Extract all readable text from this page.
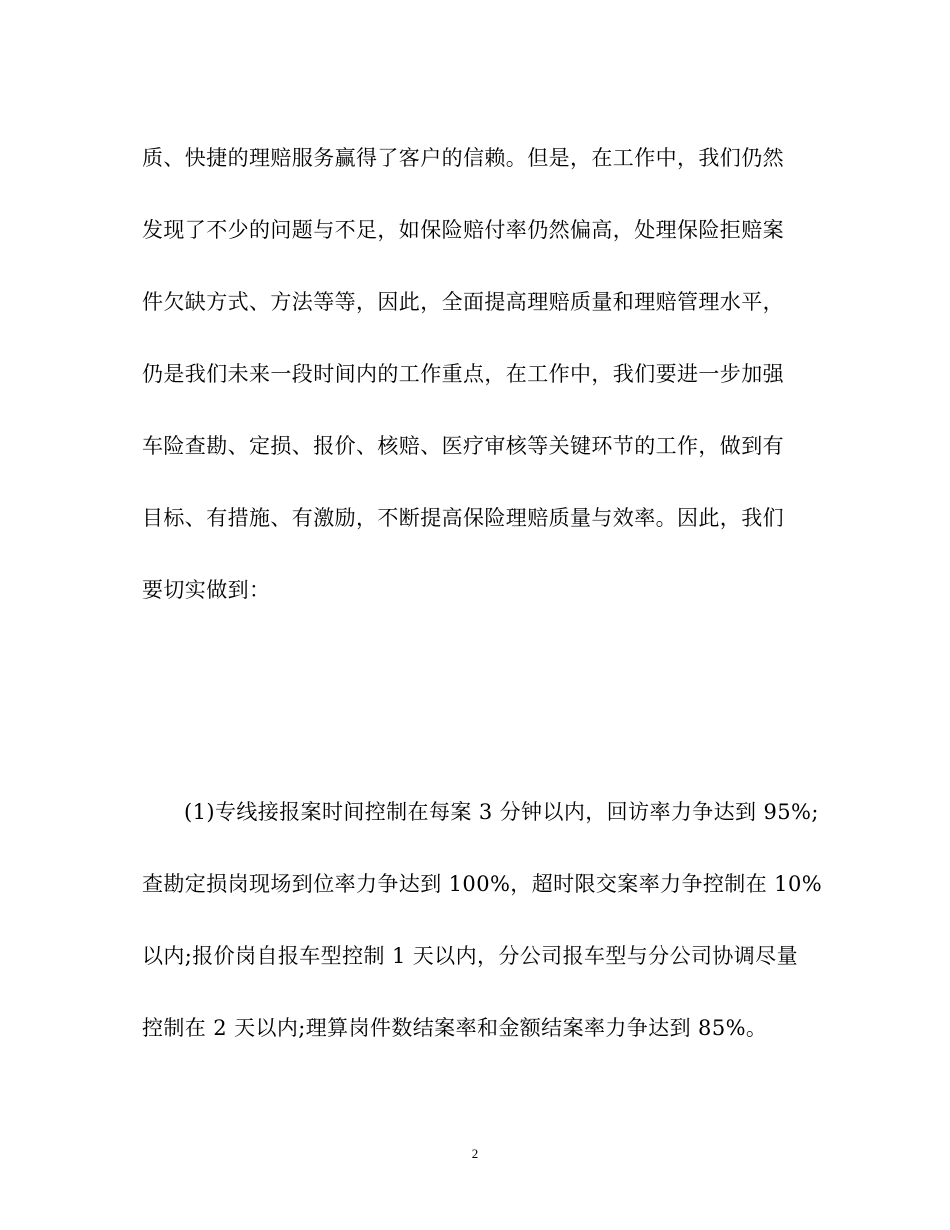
质、快捷的理赔服务赢得了客户的信赖。但是，在工作中，我们仍然
发现了不少的问题与不足，如保险赔付率仍然偏高，处理保险拒赔案
件欠缺方式、方法等等，因此，全面提高理赔质量和理赔管理水平，
仍是我们未来一段时间内的工作重点，在工作中，我们要进一步加强
车险查勘、定损、报价、核赔、医疗审核等关键环节的工作，做到有
目标、有措施、有激励，不断提高保险理赔质量与效率。因此，我们
要切实做到：
(1)专线接报案时间控制在每案 3 分钟以内，回访率力争达到 95%;
查勘定损岗现场到位率力争达到 100%，超时限交案率力争控制在 10%
以内;报价岗自报车型控制 1 天以内，分公司报车型与分公司协调尽量
控制在 2 天以内;理算岗件数结案率和金额结案率力争达到 85%。
2
